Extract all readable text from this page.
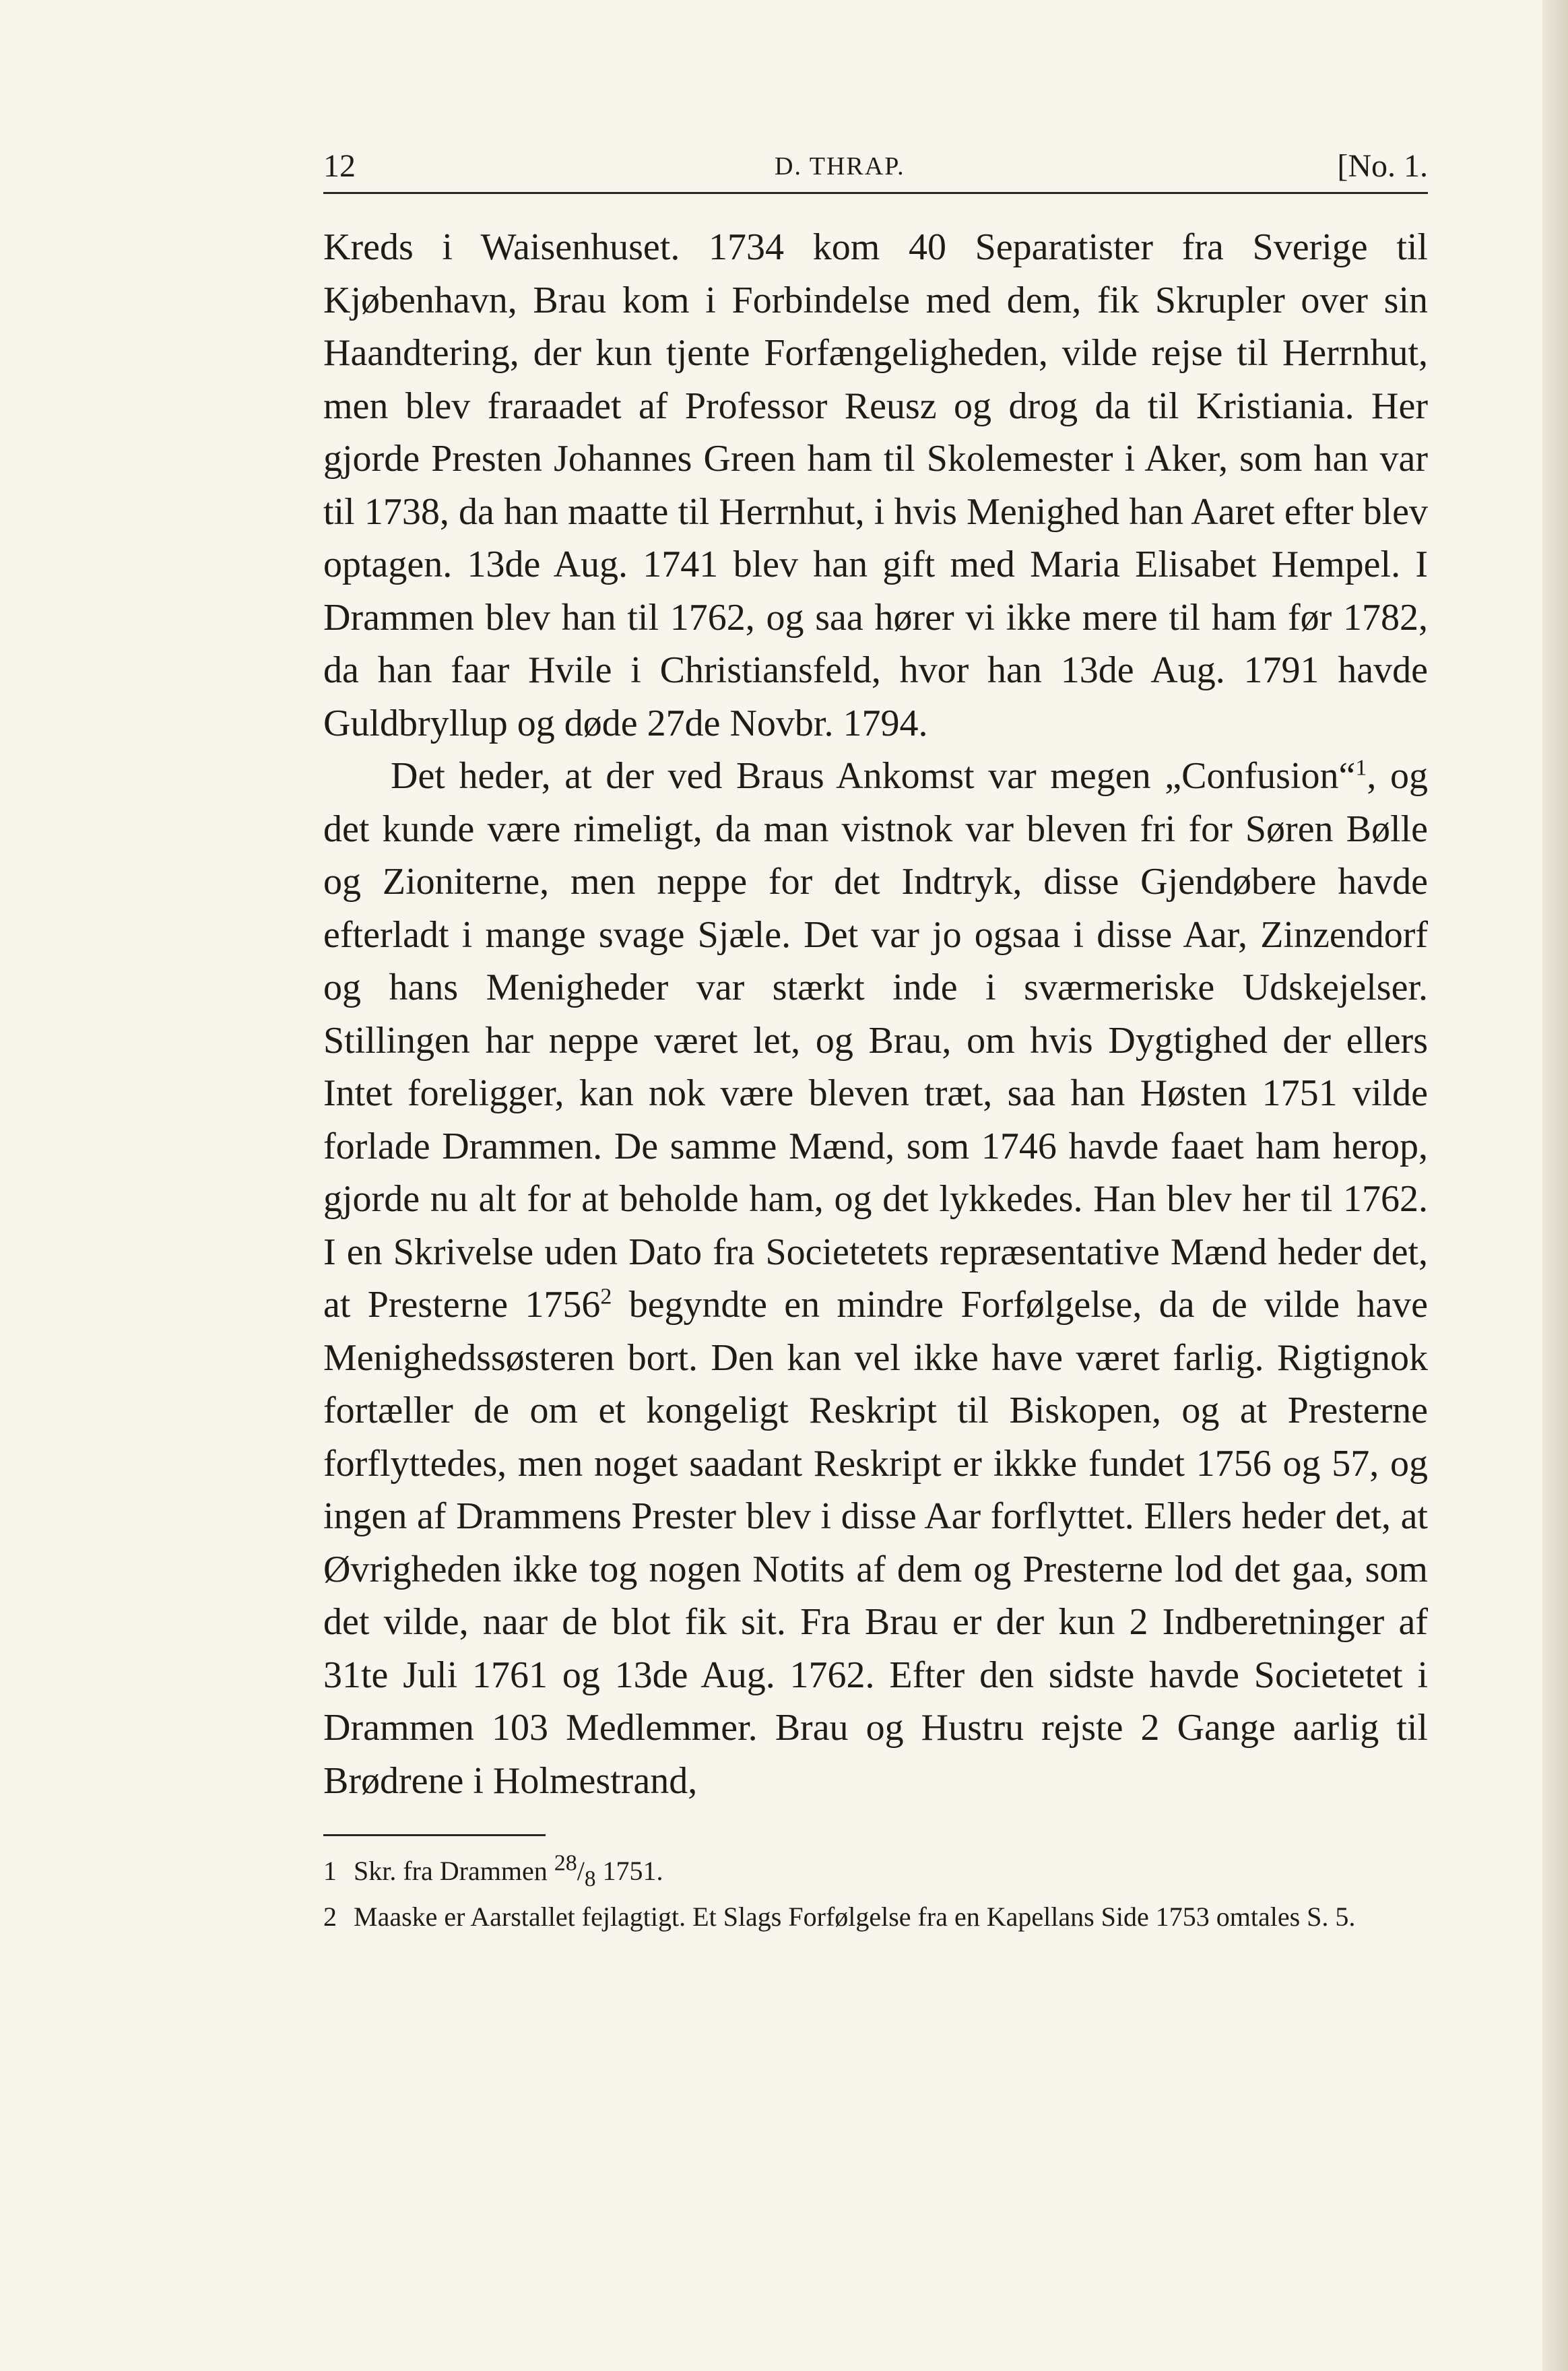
12	D. THRAP.	[No. 1.

Kreds i Waisenhuset. 1734 kom 40 Separatister fra Sverige til Kjøbenhavn, Brau kom i Forbindelse med dem, fik Skrupler over sin Haandtering, der kun tjente Forfængeligheden, vilde rejse til Herrnhut, men blev fraraadet af Professor Reusz og drog da til Kristiania. Her gjorde Presten Johannes Green ham til Skolemester i Aker, som han var til 1738, da han maatte til Herrnhut, i hvis Menighed han Aaret efter blev optagen. 13de Aug. 1741 blev han gift med Maria Elisabet Hempel. I Drammen blev han til 1762, og saa hører vi ikke mere til ham før 1782, da han faar Hvile i Christiansfeld, hvor han 13de Aug. 1791 havde Guldbryllup og døde 27de Novbr. 1794.

Det heder, at der ved Braus Ankomst var megen „Confusion“$^1$, og det kunde være rimeligt, da man vistnok var bleven fri for Søren Bølle og Zioniterne, men neppe for det Indtryk, disse Gjendøbere havde efterladt i mange svage Sjæle. Det var jo ogsaa i disse Aar, Zinzendorf og hans Menigheder var stærkt inde i sværmeriske Udskejelser. Stillingen har neppe været let, og Brau, om hvis Dygtighed der ellers Intet foreligger, kan nok være bleven træt, saa han Høsten 1751 vilde forlade Drammen. De samme Mænd, som 1746 havde faaet ham herop, gjorde nu alt for at beholde ham, og det lykkedes. Han blev her til 1762. I en Skrivelse uden Dato fra Societetets repræsentative Mænd heder det, at Presterne 1756$^2$ begyndte en mindre Forfølgelse, da de vilde have Menighedssøsteren bort. Den kan vel ikke have været farlig. Rigtignok fortæller de om et kongeligt Reskript til Biskopen, og at Presterne forflyttedes, men noget saadant Reskript er ikkke fundet 1756 og 57, og ingen af Drammens Prester blev i disse Aar forflyttet. Ellers heder det, at Øvrigheden ikke tog nogen Notits af dem og Presterne lod det gaa, som det vilde, naar de blot fik sit. Fra Brau er der kun 2 Indberetninger af 31te Juli 1761 og 13de Aug. 1762. Efter den sidste havde Societetet i Drammen 103 Medlemmer. Brau og Hustru rejste 2 Gange aarlig til Brødrene i Holmestrand,

1 Skr. fra Drammen $^{28}/_8$ 1751.

2 Maaske er Aarstallet fejlagtigt. Et Slags Forfølgelse fra en Kapellans Side 1753 omtales S. 5.
